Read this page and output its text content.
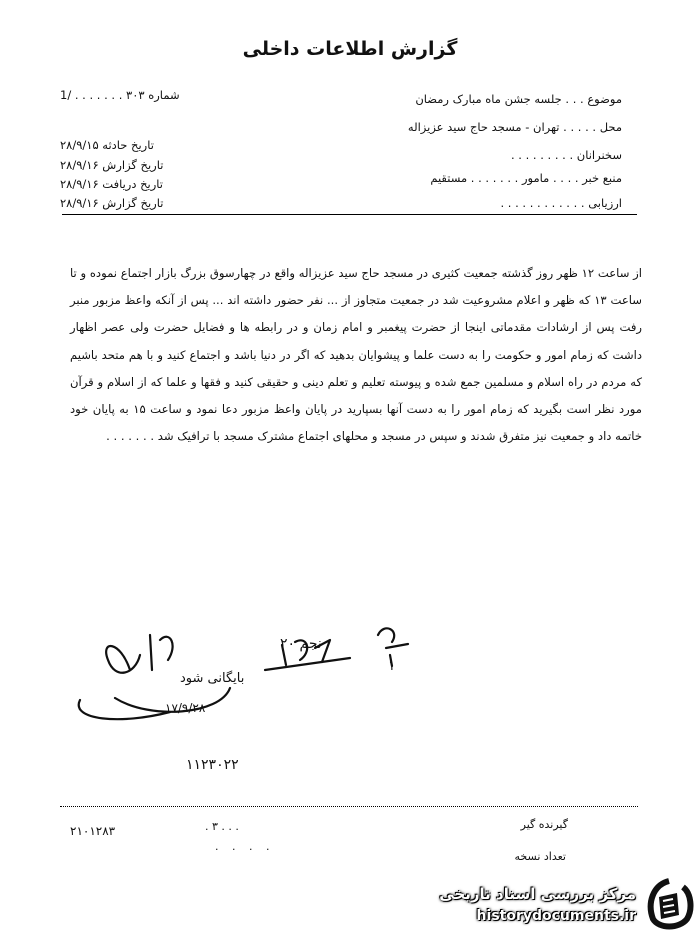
گزارش اطلاعات داخلی
موضوع . . . جلسه جشن ماه مبارک رمضان
محل . . . . . تهران - مسجد حاج سید عزیزاله
سخنرانان . . . . . . . . .
منبع خبر . . . . مامور . . . . . . . مستقیم
ارزیابی . . . . . . . . . . . .
شماره ۳۰۳ . . . . . . . /1
تاریخ حادثه ۲۸/۹/۱۵
تاریخ گزارش ۲۸/۹/۱۶
تاریخ دریافت ۲۸/۹/۱۶
تاریخ گزارش ۲۸/۹/۱۶
از ساعت ۱۲ ظهر روز گذشته جمعیت کثیری در مسجد حاج سید عزیزاله واقع در چهارسوق بزرگ بازار اجتماع نموده و تا ساعت ۱۳ که ظهر و اعلام مشروعیت شد در جمعیت متجاوز از ... نفر حضور داشته اند ... پس از آنکه واعظ مزبور منبر رفت پس از ارشادات مقدماتی اینجا از حضرت پیغمبر و امام زمان و در رابطه ها و فضایل حضرت ولی عصر اظهار داشت که زمام امور و حکومت را به دست علما و پیشوایان بدهید که اگر در دنیا باشد و اجتماع کنید و با هم متحد باشیم که مردم در راه اسلام و مسلمین جمع شده و پیوسته تعلیم و تعلم دینی و حقیقی کنید و فقها و علما که از اسلام و قرآن مورد نظر است بگیرید که زمام امور را به دست آنها بسپارید در پایان واعظ مزبور دعا نمود و ساعت ۱۵ به پایان خود خاتمه داد و جمعیت نیز متفرق شدند و سپس در مسجد و محلهای اجتماع مشترک مسجد با ترافیک شد . . . . . . .
بایگانی شود
۱۷/۹/۲۸
۲۰ نجم
۱
۱۱۲۳۰۲۲
۲۱۰۱۲۸۳	. ۳ . . .
. . . .
گیرنده گیر
تعداد نسخه
مرکز بررسی اسناد تاریخی
historydocuments.ir
